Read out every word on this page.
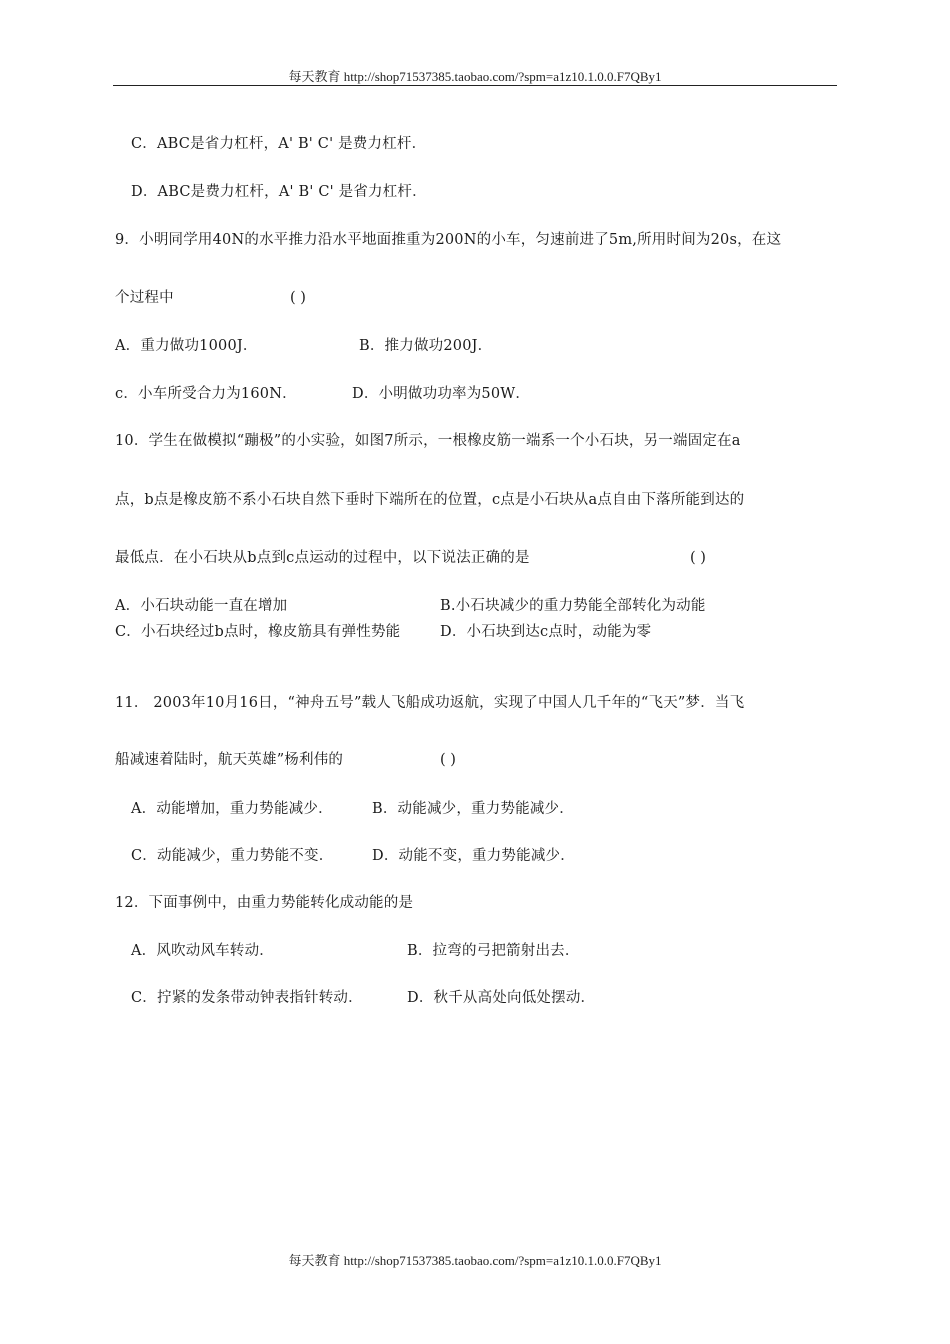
每天教育 http://shop71537385.taobao.com/?spm=a1z10.1.0.0.F7QBy1
C．ABC是省力杠杆，A' B' C' 是费力杠杆．
D．ABC是费力杠杆，A' B' C' 是省力杠杆．
9．小明同学用40N的水平推力沿水平地面推重为200N的小车，匀速前进了5m,所用时间为20s，在这
个过程中	( )
A．重力做功1000J．	B．推力做功200J．
c．小车所受合力为160N．	D．小明做功功率为50W．
10．学生在做模拟“蹦极”的小实验，如图7所示，一根橡皮筋一端系一个小石块，另一端固定在a
点，b点是橡皮筋不系小石块自然下垂时下端所在的位置，c点是小石块从a点自由下落所能到达的
最低点．在小石块从b点到c点运动的过程中，以下说法正确的是	( )
A．小石块动能一直在增加	B.小石块减少的重力势能全部转化为动能
C．小石块经过b点时，橡皮筋具有弹性势能	D．小石块到达c点时，动能为零
11． 2003年10月16日，“神舟五号”载人飞船成功返航，实现了中国人几千年的“飞天”梦．当飞
船减速着陆时，航天英雄”杨利伟的	( )
A．动能增加，重力势能减少．	B．动能减少，重力势能减少．
C．动能减少，重力势能不变．	D．动能不变，重力势能减少．
12．下面事例中，由重力势能转化成动能的是
A．风吹动风车转动．	B．拉弯的弓把箭射出去．
C．拧紧的发条带动钟表指针转动．	D．秋千从高处向低处摆动．
每天教育 http://shop71537385.taobao.com/?spm=a1z10.1.0.0.F7QBy1
